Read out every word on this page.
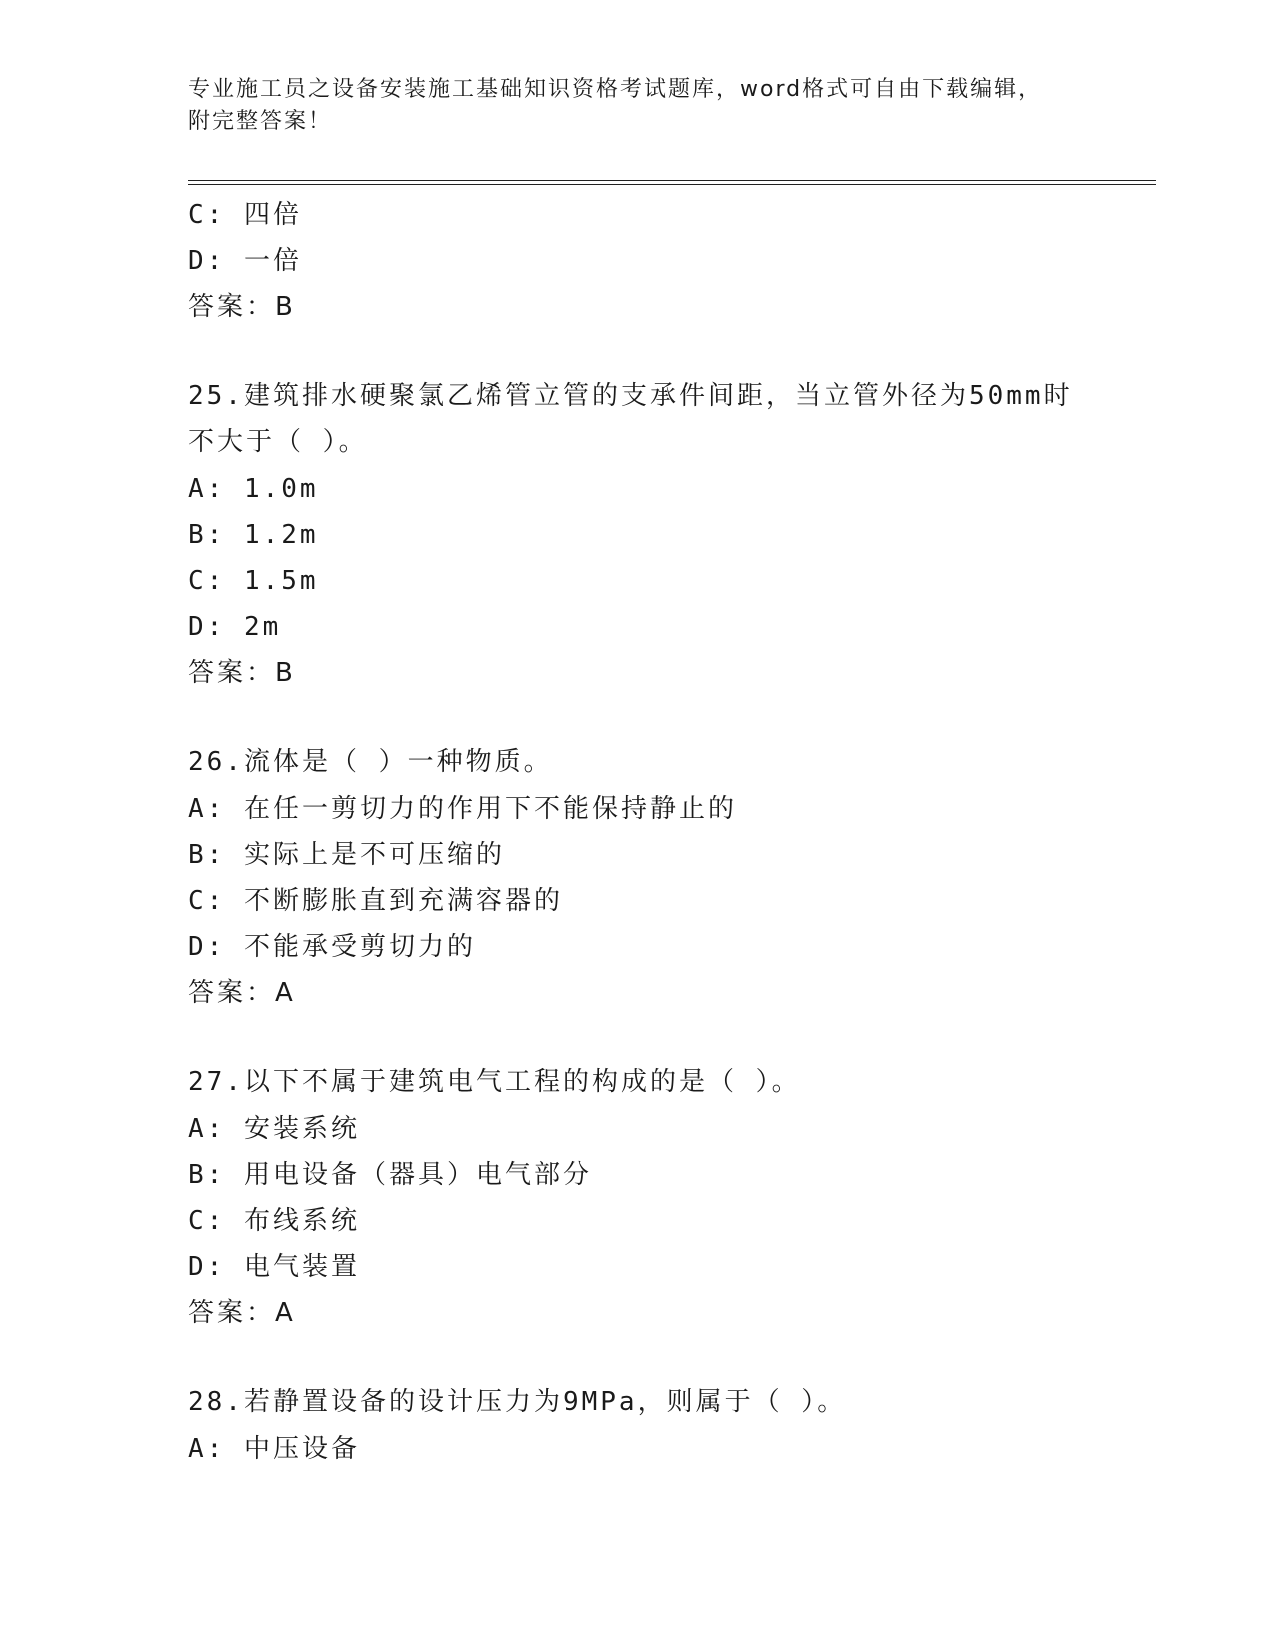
专业施工员之设备安装施工基础知识资格考试题库，word格式可自由下载编辑，
附完整答案！
C: 四倍
D: 一倍
答案：B
25.建筑排水硬聚氯乙烯管立管的支承件间距，当立管外径为50mm时
不大于（ ）。
A: 1.0m
B: 1.2m
C: 1.5m
D: 2m
答案：B
26.流体是（ ）一种物质。
A: 在任一剪切力的作用下不能保持静止的
B: 实际上是不可压缩的
C: 不断膨胀直到充满容器的
D: 不能承受剪切力的
答案：A
27.以下不属于建筑电气工程的构成的是（ ）。
A: 安装系统
B: 用电设备（器具）电气部分
C: 布线系统
D: 电气装置
答案：A
28.若静置设备的设计压力为9MPa，则属于（ ）。
A: 中压设备
